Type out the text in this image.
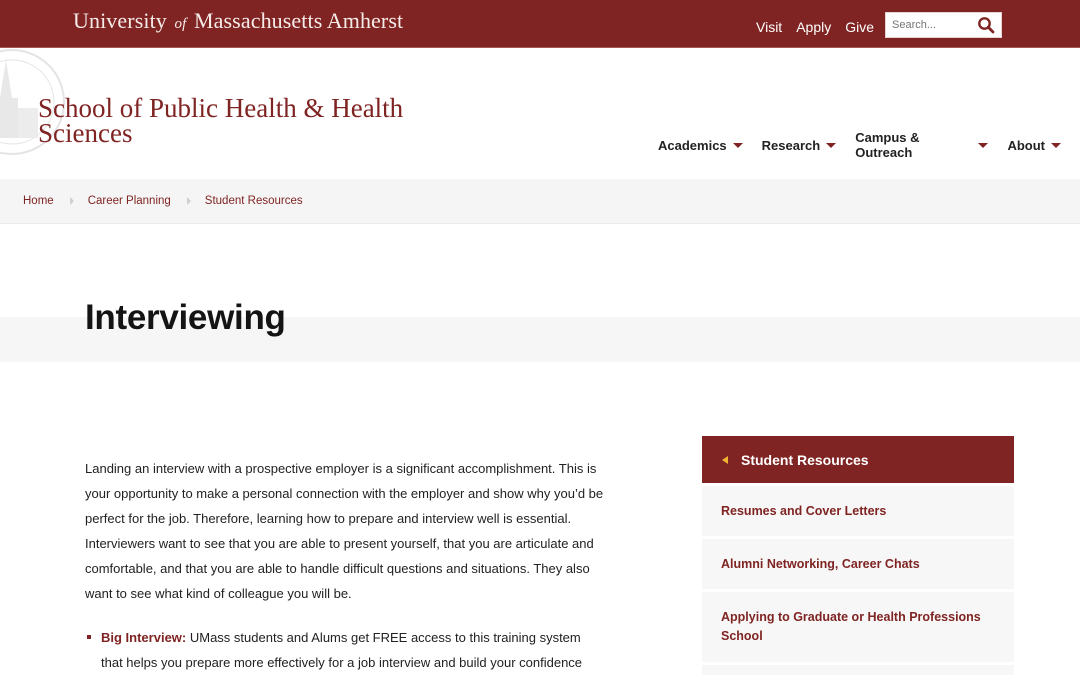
University of Massachusetts Amherst	Visit Apply Give
Search...
School of Public Health & Health Sciences	Academics	Research	Campus & Outreach	About
Home	Career Planning	Student Resources
Interviewing

Landing an interview with a prospective employer is a significant accomplishment. This is your opportunity to make a personal connection with the employer and show why you’d be perfect for the job. Therefore, learning how to prepare and interview well is essential. Interviewers want to see that you are able to present yourself, that you are articulate and comfortable, and that you are able to handle difficult questions and situations. They also want to see what kind of colleague you will be.

Big Interview: UMass students and Alums get FREE access to this training system that helps you prepare more effectively for a job interview and build your confidence
Student Resources
Resumes and Cover Letters
Alumni Networking, Career Chats
Applying to Graduate or Health Professions School
